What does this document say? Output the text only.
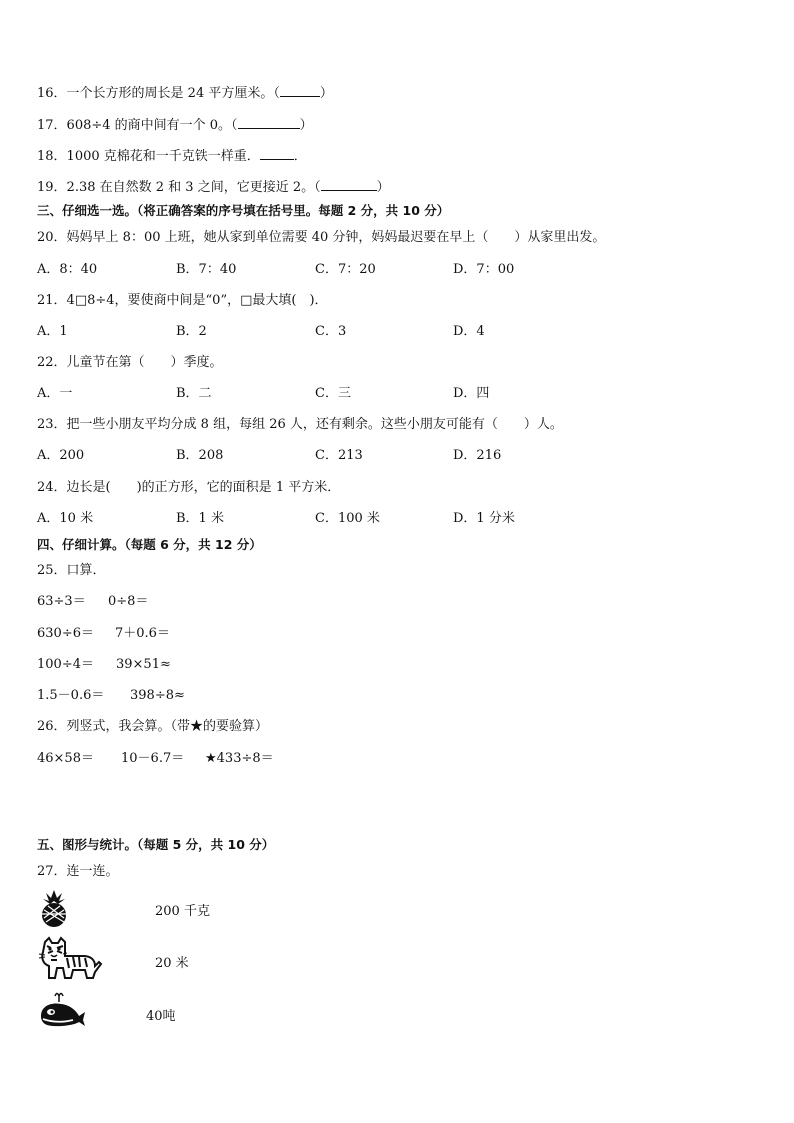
16．一个长方形的周长是 24 平方厘米。（	）
17．608÷4 的商中间有一个 0。（	）
18．1000 克棉花和一千克铁一样重．	．
19．2.38 在自然数 2 和 3 之间，它更接近 2。（	）
三、仔细选一选。（将正确答案的序号填在括号里。每题 2 分，共 10 分）
20．妈妈早上 8：00 上班，她从家到单位需要 40 分钟，妈妈最迟要在早上（　　）从家里出发。
A．8：40	B．7：40	C．7：20	D．7：00
21．4□8÷4，要使商中间是“0”，□最大填(　)．
A．1	B．2	C．3	D．4
22．儿童节在第（　　）季度。
A．一	B．二	C．三	D．四
23．把一些小朋友平均分成 8 组，每组 26 人，还有剩余。这些小朋友可能有（　　）人。
A．200	B．208	C．213	D．216
24．边长是(　　)的正方形，它的面积是 1 平方米．
A．10 米	B．1 米	C．100 米	D．1 分米
四、仔细计算。（每题 6 分，共 12 分）
25．口算．
63÷3＝ 0÷8＝
630÷6＝ 7＋0.6＝
100÷4＝ 39×51≈
1.5－0.6＝ 398÷8≈
26．列竖式，我会算。（带★的要验算）
46×58＝ 10－6.7＝ ★433÷8＝
五、图形与统计。（每题 5 分，共 10 分）
27．连一连。
200 千克
20 米
40吨
